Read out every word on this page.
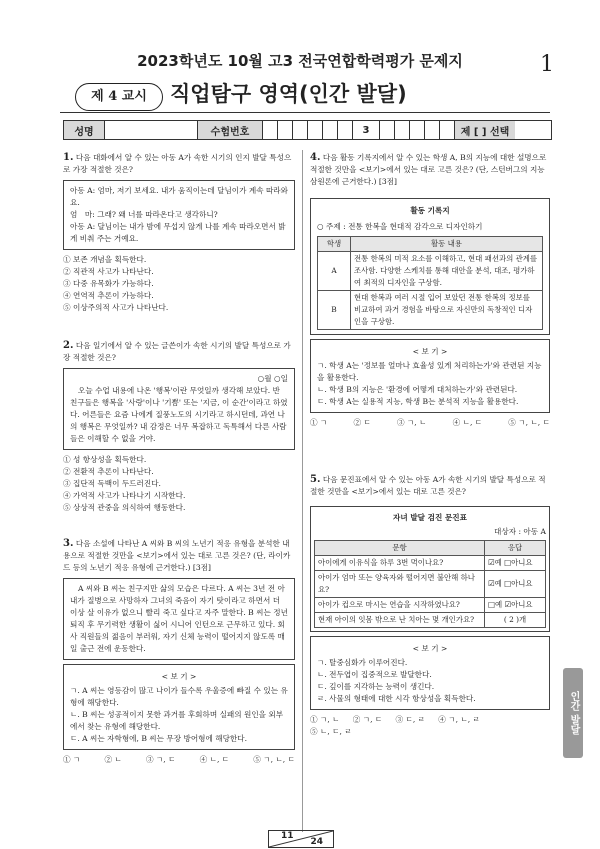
2023학년도 10월 고3 전국연합학력평가 문제지	1
제 4 교시	직업탐구 영역(인간 발달)
성명	수험번호	3	제 [ ] 선택

1. 다음 대화에서 알 수 있는 아동 A가 속한 시기의 인지 발달 특성으로 가장 적절한 것은?

아동 A: 엄마, 저기 보세요. 내가 움직이는데 달님이가 계속 따라와요.
엄　마: 그래? 왜 너를 따라온다고 생각하니?
아동 A: 달님이는 내가 밤에 무섭지 않게 나를 계속 따라오면서 밝게 비춰 주는 거예요.
① 보존 개념을 획득한다.
② 직관적 사고가 나타난다.
③ 다중 유목화가 가능하다.
④ 연역적 추론이 가능하다.
⑤ 이상주의적 사고가 나타난다.

2. 다음 일기에서 알 수 있는 글쓴이가 속한 시기의 발달 특성으로 가장 적절한 것은?

○월 ○일
오늘 수업 내용에 나온 '행복'이란 무엇일까 생각해 보았다. 반 친구들은 행복을 '사랑'이나 '기쁨' 또는 '지금, 이 순간'이라고 하였다. 어른들은 요즘 나에게 질풍노도의 시기라고 하시던데, 과연 나의 행복은 무엇일까? 내 감정은 너무 복잡하고 독특해서 다른 사람들은 이해할 수 없을 거야.
① 성 항상성을 획득한다.
② 전환적 추론이 나타난다.
③ 집단적 독백이 두드러진다.
④ 가역적 사고가 나타나기 시작한다.
⑤ 상상적 관중을 의식하여 행동한다.

3. 다음 소설에 나타난 A 씨와 B 씨의 노년기 적응 유형을 분석한 내용으로 적절한 것만을 <보기>에서 있는 대로 고른 것은? (단, 라이카드 등의 노년기 적응 유형에 근거한다.) [3점]

A 씨와 B 씨는 친구지만 삶의 모습은 다르다. A 씨는 3년 전 아내가 질병으로 사망하자 그녀의 죽음이 자기 탓이라고 하면서 더 이상 살 이유가 없으니 빨리 죽고 싶다고 자주 말한다. B 씨는 정년퇴직 후 무기력한 생활이 싫어 시니어 인턴으로 근무하고 있다. 회사 직원들의 젊음이 부러워, 자기 신체 능력이 떨어지지 않도록 매일 출근 전에 운동한다.
< 보 기 >
ㄱ. A 씨는 영등감이 많고 나이가 들수록 우울증에 빠질 수 있는 유형에 해당한다.
ㄴ. B 씨는 성공적이지 못한 과거를 후회하며 실패의 원인을 외부에서 찾는 유형에 해당한다.
ㄷ. A 씨는 자학형에, B 씨는 무장 방어형에 해당한다.
① ㄱ	② ㄴ	③ ㄱ, ㄷ	④ ㄴ, ㄷ	⑤ ㄱ, ㄴ, ㄷ

4. 다음 활동 기록지에서 알 수 있는 학생 A, B의 지능에 대한 설명으로 적절한 것만을 <보기>에서 있는 대로 고른 것은? (단, 스턴버그의 지능 삼원론에 근거한다.) [3점]

활동 기록지
○ 주제 : 전통 한복을 현대적 감각으로 디자인하기
학생	활동 내용
A	전통 한복의 미적 요소를 이해하고, 현대 패션과의 관계를 조사함. 다양한 스케치를 통해 대안을 분석, 대조, 평가하여 최적의 디자인을 구상함.
B	현대 한복과 여러 시절 입어 보았던 전통 한복의 정보를 비교하여 과거 경험을 바탕으로 자신만의 독창적인 디자인을 구상함.
< 보 기 >
ㄱ. 학생 A는 '정보를 얼마나 효율성 있게 처리하는가'와 관련된 지능을 활용한다.
ㄴ. 학생 B의 지능은 '환경에 어떻게 대처하는가'와 관련된다.
ㄷ. 학생 A는 실용적 지능, 학생 B는 분석적 지능을 활용한다.
① ㄱ	② ㄷ	③ ㄱ, ㄴ	④ ㄴ, ㄷ	⑤ ㄱ, ㄴ, ㄷ

5. 다음 문진표에서 알 수 있는 아동 A가 속한 시기의 발달 특성으로 적절한 것만을 <보기>에서 있는 대로 고른 것은?

자녀 발달 검진 문진표
대상자 : 아동 A
문항	응답
아이에게 이유식을 하루 3번 먹이나요?	☑예 □아니요
아이가 엄마 또는 양육자와 떨어지면 불안해 하나요?	☑예 □아니요
아이가 컵으로 마시는 연습을 시작하였나요?	□예 ☑아니요
현재 아이의 잇몸 밖으로 난 치아는 몇 개인가요?	( 2 )개
< 보 기 >
ㄱ. 탈중심화가 이루어진다.
ㄴ. 전두엽이 집중적으로 발달한다.
ㄷ. 깊이를 지각하는 능력이 생긴다.
ㄹ. 사물의 형태에 대한 시각 항상성을 획득한다.
① ㄱ, ㄴ ② ㄱ, ㄷ ③ ㄷ, ㄹ ④ ㄱ, ㄴ, ㄹ
⑤ ㄴ, ㄷ, ㄹ	인간 발달
11
24
